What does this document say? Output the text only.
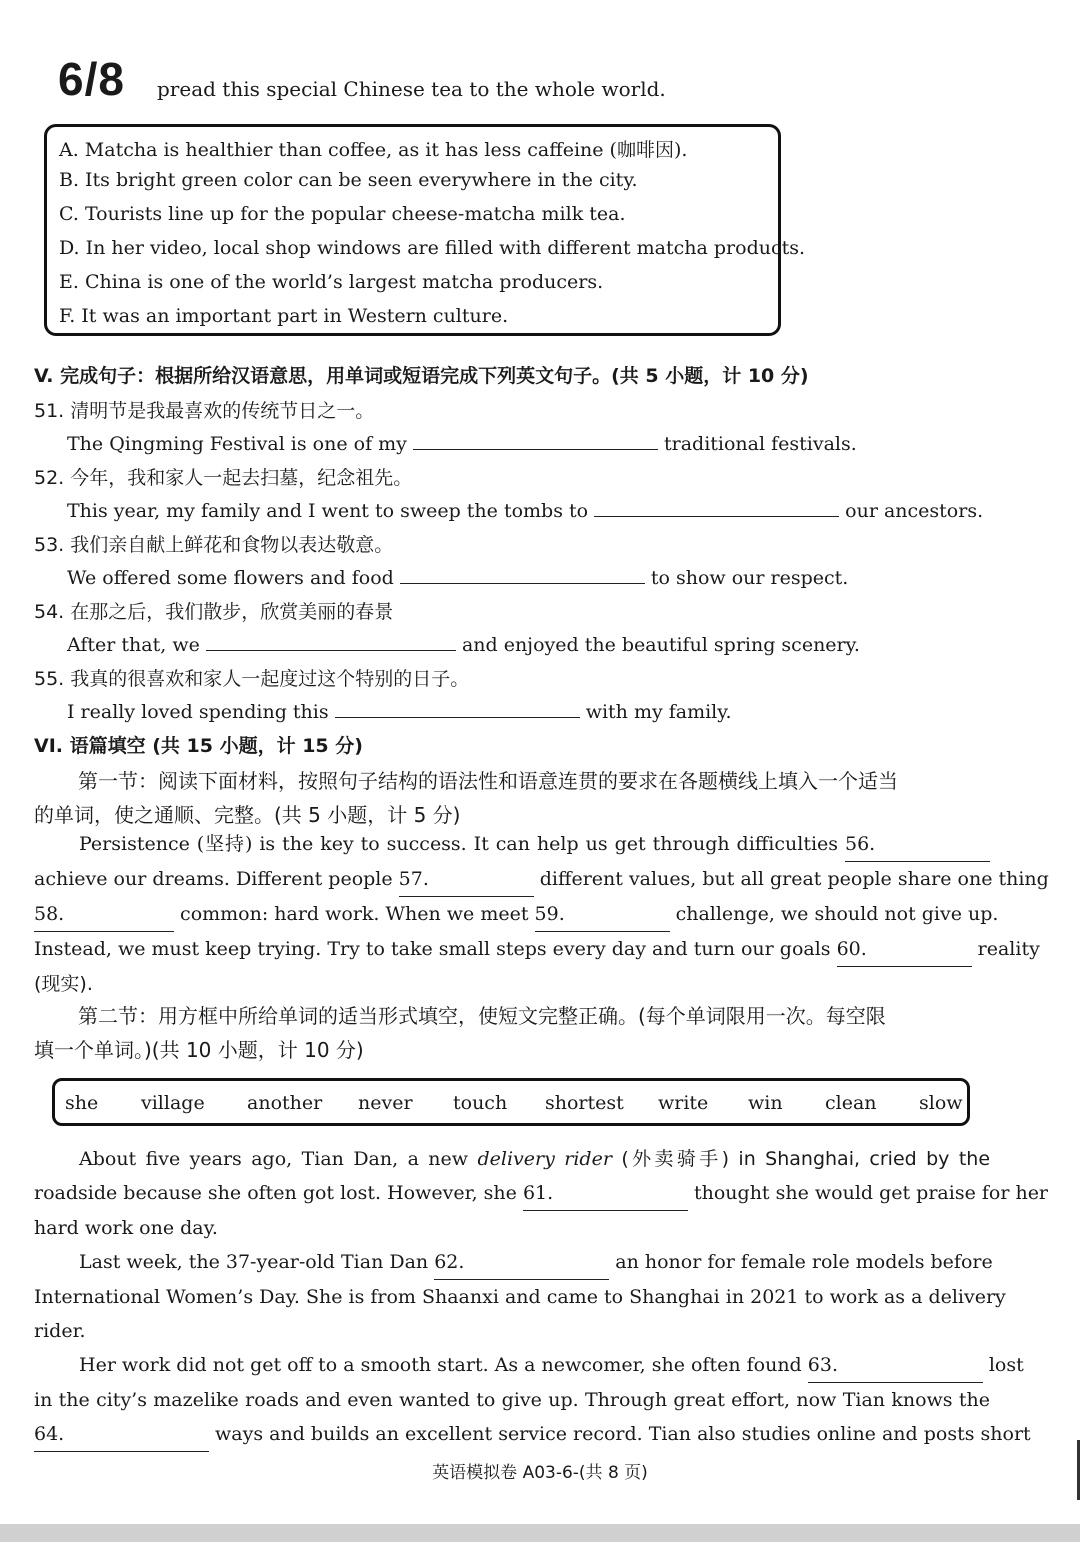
6/8 pread this special Chinese tea to the whole world.
A. Matcha is healthier than coffee, as it has less caffeine (咖啡因).
B. Its bright green color can be seen everywhere in the city.
C. Tourists line up for the popular cheese-matcha milk tea.
D. In her video, local shop windows are filled with different matcha products.
E. China is one of the world’s largest matcha producers.
F. It was an important part in Western culture.
V. 完成句子：根据所给汉语意思，用单词或短语完成下列英文句子。(共 5 小题，计 10 分)
51. 清明节是我最喜欢的传统节日之一。
The Qingming Festival is one of my	traditional festivals.
52. 今年，我和家人一起去扫墓，纪念祖先。
This year, my family and I went to sweep the tombs to	our ancestors.
53. 我们亲自献上鲜花和食物以表达敬意。
We offered some flowers and food	to show our respect.
54. 在那之后，我们散步，欣赏美丽的春景
After that, we	and enjoyed the beautiful spring scenery.
55. 我真的很喜欢和家人一起度过这个特别的日子。
I really loved spending this	with my family.
VI. 语篇填空 (共 15 小题，计 15 分)
第一节：阅读下面材料，按照句子结构的语法性和语意连贯的要求在各题横线上填入一个适当
的单词，使之通顺、完整。(共 5 小题，计 5 分)
Persistence (坚持) is the key to success. It can help us get through difficulties 56.
achieve our dreams. Different people 57.	different values, but all great people share one thing
58.	common: hard work. When we meet 59.	challenge, we should not give up.
Instead, we must keep trying. Try to take small steps every day and turn our goals 60.	reality
(现实).
第二节：用方框中所给单词的适当形式填空，使短文完整正确。(每个单词限用一次。每空限
填一个单词。)(共 10 小题，计 10 分)
she village another never touch shortest write win clean slow
About five years ago, Tian Dan, a new delivery rider (外卖骑手) in Shanghai, cried by the
roadside because she often got lost. However, she 61.	thought she would get praise for her
hard work one day.
Last week, the 37-year-old Tian Dan 62.	an honor for female role models before
International Women’s Day. She is from Shaanxi and came to Shanghai in 2021 to work as a delivery
rider.
Her work did not get off to a smooth start. As a newcomer, she often found 63.	lost
in the city’s mazelike roads and even wanted to give up. Through great effort, now Tian knows the
64.	ways and builds an excellent service record. Tian also studies online and posts short
英语模拟卷 A03-6-(共 8 页)
